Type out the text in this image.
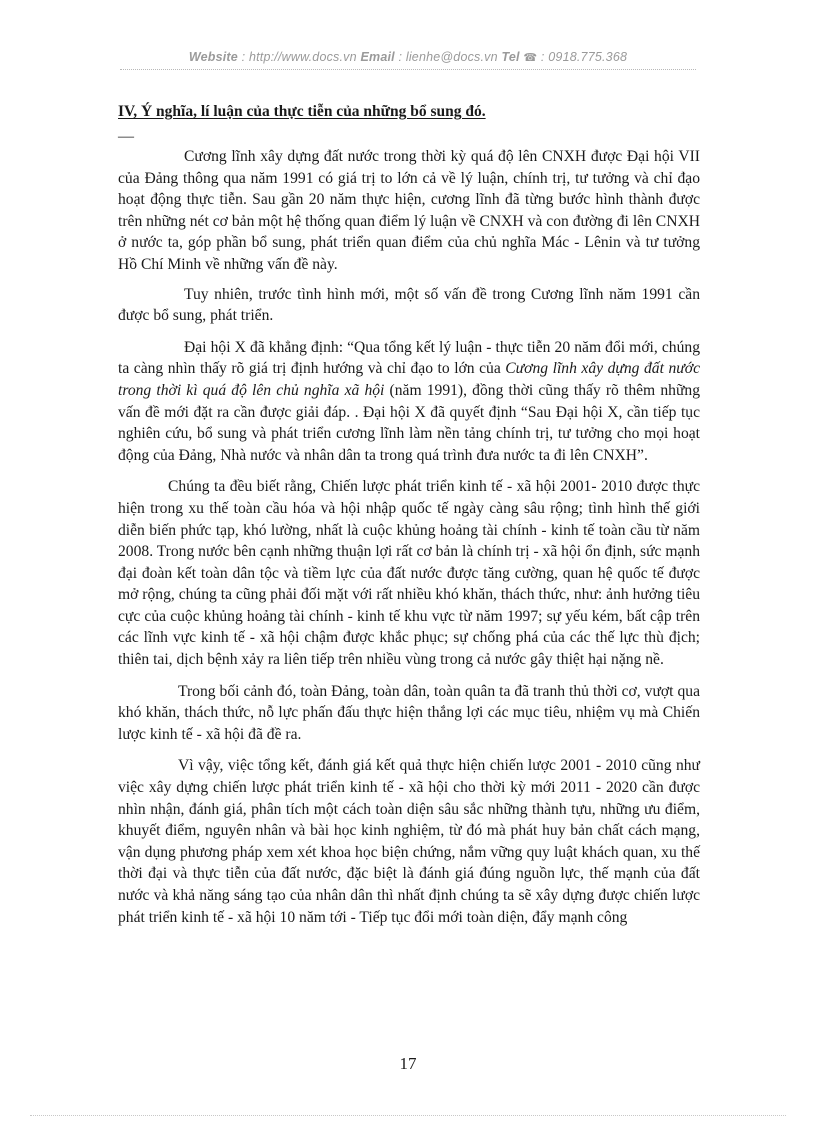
Website : http://www.docs.vn Email : lienhe@docs.vn Tel ☎ : 0918.775.368
IV, Ý nghĩa, lí luận của thực tiễn của những bổ sung đó.
—

Cương lĩnh xây dựng đất nước trong thời kỳ quá độ lên CNXH được Đại hội VII của Đảng thông qua năm 1991 có giá trị to lớn cả về lý luận, chính trị, tư tưởng và chỉ đạo hoạt động thực tiễn. Sau gần 20 năm thực hiện, cương lĩnh đã từng bước hình thành được trên những nét cơ bản một hệ thống quan điểm lý luận về CNXH và con đường đi lên CNXH ở nước ta, góp phần bổ sung, phát triển quan điểm của chủ nghĩa Mác - Lênin và tư tưởng Hồ Chí Minh về những vấn đề này.

Tuy nhiên, trước tình hình mới, một số vấn đề trong Cương lĩnh năm 1991 cần được bổ sung, phát triển.

Đại hội X đã khẳng định: “Qua tổng kết lý luận - thực tiễn 20 năm đổi mới, chúng ta càng nhìn thấy rõ giá trị định hướng và chỉ đạo to lớn của Cương lĩnh xây dựng đất nước trong thời kì quá độ lên chủ nghĩa xã hội (năm 1991), đồng thời cũng thấy rõ thêm những vấn đề mới đặt ra cần được giải đáp. . Đại hội X đã quyết định “Sau Đại hội X, cần tiếp tục nghiên cứu, bổ sung và phát triển cương lĩnh làm nền tảng chính trị, tư tưởng cho mọi hoạt động của Đảng, Nhà nước và nhân dân ta trong quá trình đưa nước ta đi lên CNXH”.

Chúng ta đều biết rằng, Chiến lược phát triển kinh tế - xã hội 2001- 2010 được thực hiện trong xu thế toàn cầu hóa và hội nhập quốc tế ngày càng sâu rộng; tình hình thế giới diễn biến phức tạp, khó lường, nhất là cuộc khủng hoảng tài chính - kinh tế toàn cầu từ năm 2008. Trong nước bên cạnh những thuận lợi rất cơ bản là chính trị - xã hội ổn định, sức mạnh đại đoàn kết toàn dân tộc và tiềm lực của đất nước được tăng cường, quan hệ quốc tế được mở rộng, chúng ta cũng phải đối mặt với rất nhiều khó khăn, thách thức, như: ảnh hưởng tiêu cực của cuộc khủng hoảng tài chính - kinh tế khu vực từ năm 1997; sự yếu kém, bất cập trên các lĩnh vực kinh tế - xã hội chậm được khắc phục; sự chống phá của các thế lực thù địch; thiên tai, dịch bệnh xảy ra liên tiếp trên nhiều vùng trong cả nước gây thiệt hại nặng nề.

Trong bối cảnh đó, toàn Đảng, toàn dân, toàn quân ta đã tranh thủ thời cơ, vượt qua khó khăn, thách thức, nỗ lực phấn đấu thực hiện thắng lợi các mục tiêu, nhiệm vụ mà Chiến lược kinh tế - xã hội đã đề ra.

Vì vậy, việc tổng kết, đánh giá kết quả thực hiện chiến lược 2001 - 2010 cũng như việc xây dựng chiến lược phát triển kinh tế - xã hội cho thời kỳ mới 2011 - 2020 cần được nhìn nhận, đánh giá, phân tích một cách toàn diện sâu sắc những thành tựu, những ưu điểm, khuyết điểm, nguyên nhân và bài học kinh nghiệm, từ đó mà phát huy bản chất cách mạng, vận dụng phương pháp xem xét khoa học biện chứng, nắm vững quy luật khách quan, xu thế thời đại và thực tiễn của đất nước, đặc biệt là đánh giá đúng nguồn lực, thế mạnh của đất nước và khả năng sáng tạo của nhân dân thì nhất định chúng ta sẽ xây dựng được chiến lược phát triển kinh tế - xã hội 10 năm tới - Tiếp tục đổi mới toàn diện, đẩy mạnh công

17
